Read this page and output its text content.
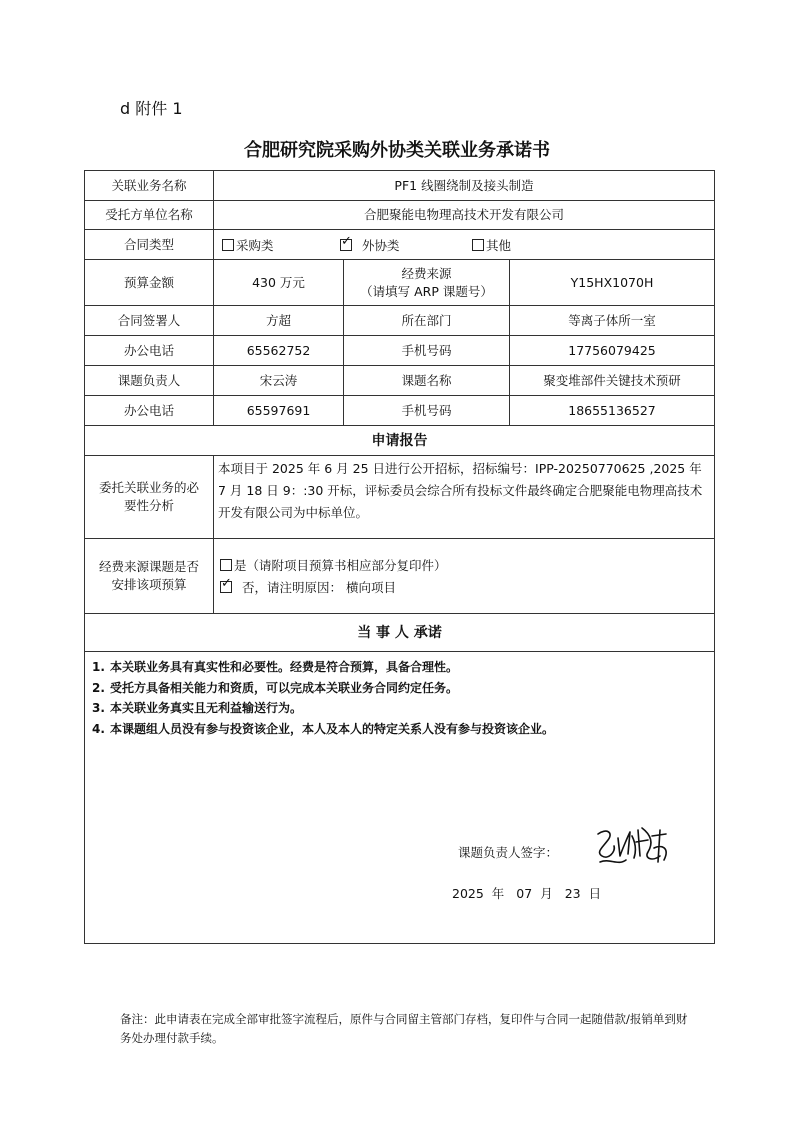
d 附件 1
合肥研究院采购外协类关联业务承诺书
关联业务名称	PF1 线圈绕制及接头制造
受托方单位名称	合肥聚能电物理高技术开发有限公司
合同类型	采购类
✓	外协类	其他
预算金额	430 万元
经费来源
（请填写 ARP 课题号）
Y15HX1070H
合同签署人	方超	所在部门	等离子体所一室
办公电话	65562752	手机号码	17756079425
课题负责人	宋云涛	课题名称	聚变堆部件关键技术预研
办公电话	65597691	手机号码	18655136527
申请报告
委托关联业务的必
要性分析
本项目于 2025 年 6 月 25 日进行公开招标，招标编号：IPP-20250770625 ,2025 年 7 月 18 日 9：:30 开标，评标委员会综合所有投标文件最终确定合肥聚能电物理高技术开发有限公司为中标单位。
经费来源课题是否
安排该项预算
是（请附项目预算书相应部分复印件）
✓
否，请注明原因： 横向项目
当 事 人 承诺
1. 本关联业务具有真实性和必要性。经费是符合预算，具备合理性。
2. 受托方具备相关能力和资质，可以完成本关联业务合同约定任务。
3. 本关联业务真实且无利益输送行为。
4. 本课题组人员没有参与投资该企业，本人及本人的特定关系人没有参与投资该企业。
课题负责人签字：
2025 年 07 月 23 日
备注：此申请表在完成全部审批签字流程后，原件与合同留主管部门存档，复印件与合同一起随借款/报销单到财务处办理付款手续。
